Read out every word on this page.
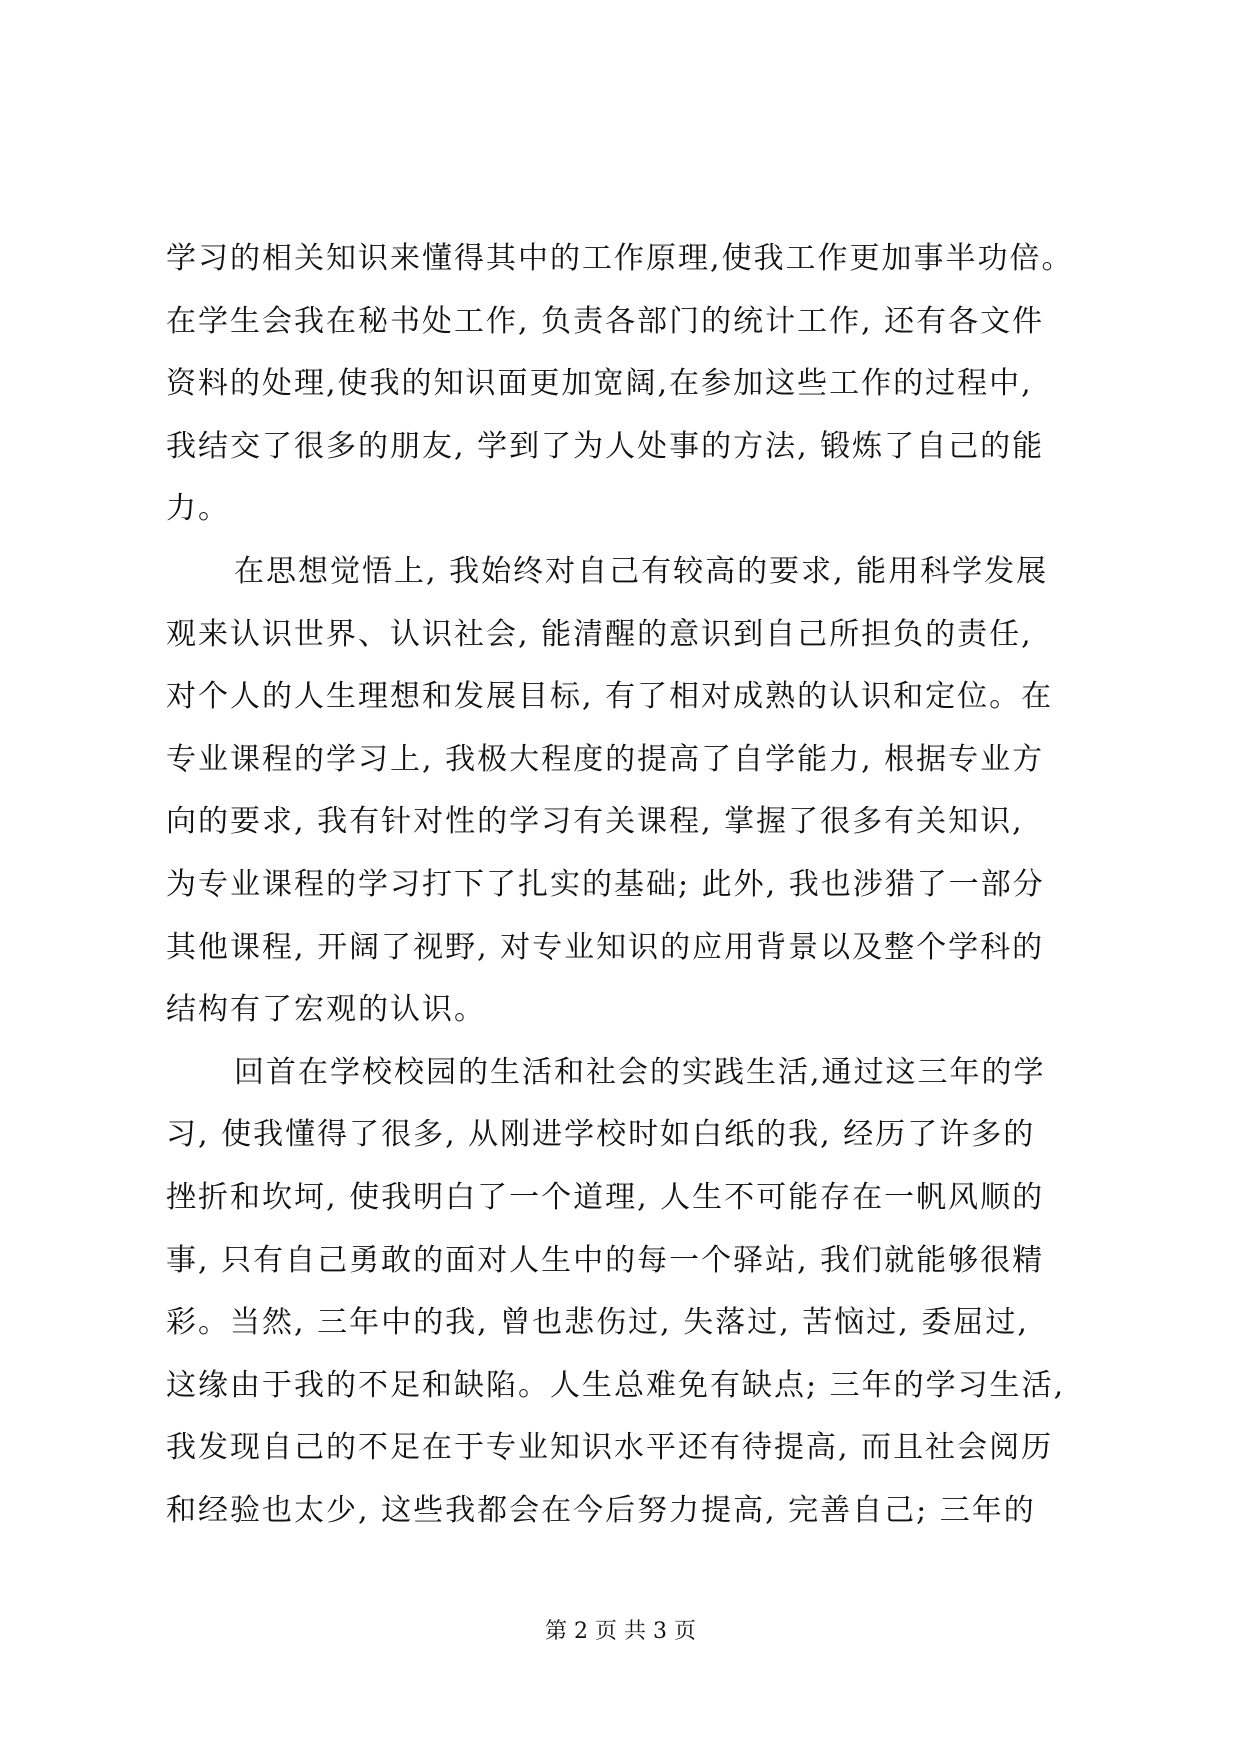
学习的相关知识来懂得其中的工作原理,使我工作更加事半功倍。
在学生会我在秘书处工作, 负责各部门的统计工作, 还有各文件
资料的处理,使我的知识面更加宽阔,在参加这些工作的过程中,
我结交了很多的朋友, 学到了为人处事的方法, 锻炼了自己的能
力。
在思想觉悟上, 我始终对自己有较高的要求, 能用科学发展
观来认识世界、认识社会, 能清醒的意识到自己所担负的责任,
对个人的人生理想和发展目标, 有了相对成熟的认识和定位。在
专业课程的学习上, 我极大程度的提高了自学能力, 根据专业方
向的要求, 我有针对性的学习有关课程, 掌握了很多有关知识,
为专业课程的学习打下了扎实的基础; 此外, 我也涉猎了一部分
其他课程, 开阔了视野, 对专业知识的应用背景以及整个学科的
结构有了宏观的认识。
回首在学校校园的生活和社会的实践生活,通过这三年的学
习, 使我懂得了很多, 从刚进学校时如白纸的我, 经历了许多的
挫折和坎坷, 使我明白了一个道理, 人生不可能存在一帆风顺的
事, 只有自己勇敢的面对人生中的每一个驿站, 我们就能够很精
彩。当然, 三年中的我, 曾也悲伤过, 失落过, 苦恼过, 委屈过,
这缘由于我的不足和缺陷。人生总难免有缺点; 三年的学习生活,
我发现自己的不足在于专业知识水平还有待提高, 而且社会阅历
和经验也太少, 这些我都会在今后努力提高, 完善自己; 三年的
第 2 页 共 3 页
